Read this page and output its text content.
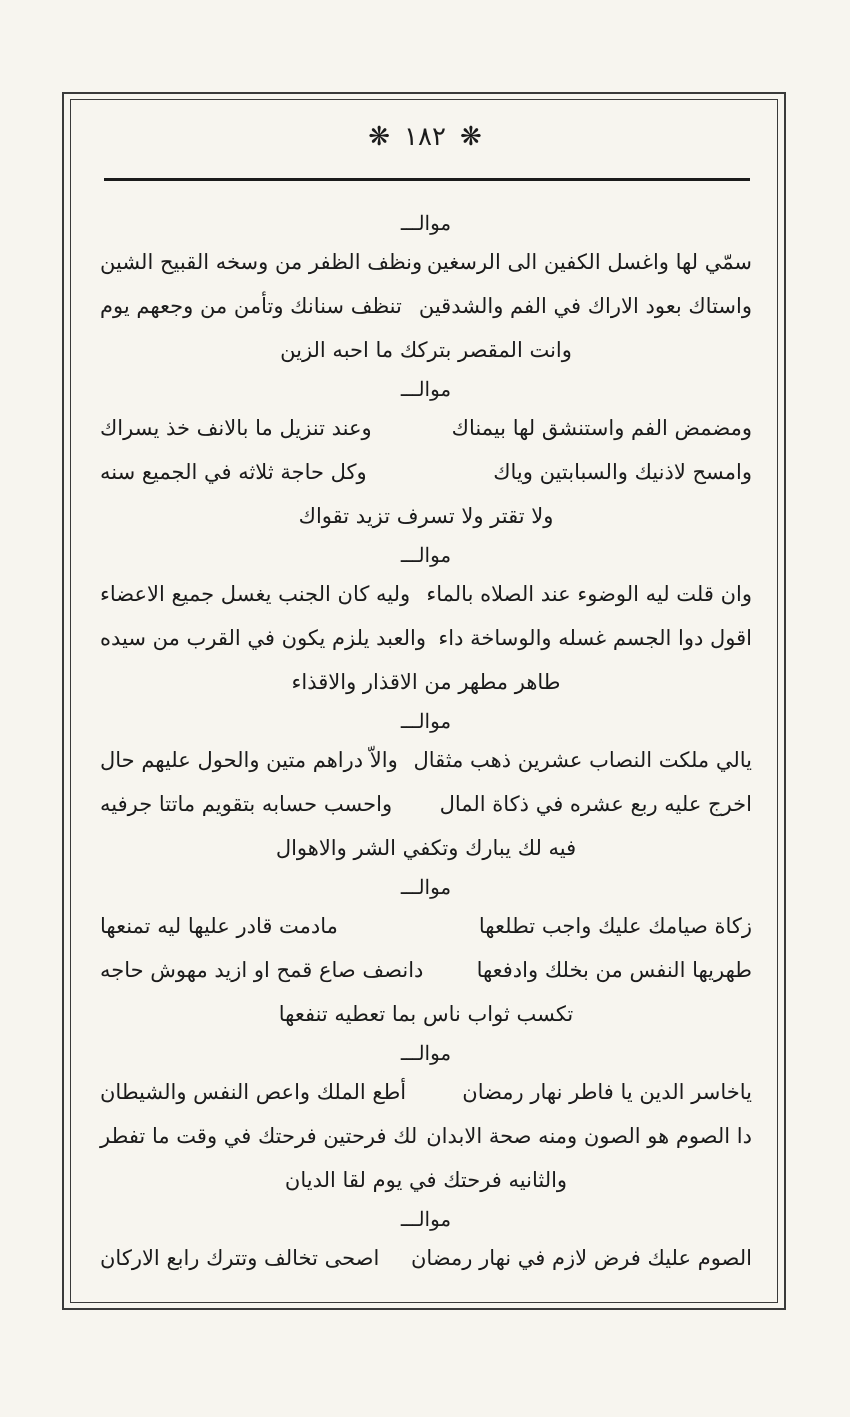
❋
١٨٢
❋
موالـــ
سمّي لها واغسل الكفين الى الرسغين
ونظف الظفر من وسخه القبيح الشين
واستاك بعود الاراك في الفم والشدقين
تنظف سنانك وتأمن من وجعهم يوم
وانت المقصر بتركك ما احبه الزين
موالـــ
ومضمض الفم واستنشق لها بيمناك
وعند تنزيل ما بالانف خذ يسراك
وامسح لاذنيك والسبابتين وياك
وكل حاجة ثلاثه في الجميع سنه
ولا تقتر ولا تسرف تزيد تقواك
موالـــ
وان قلت ليه الوضوء عند الصلاه بالماء
وليه كان الجنب يغسل جميع الاعضاء
اقول دوا الجسم غسله والوساخة داء
والعبد يلزم يكون في القرب من سيده
طاهر مطهر من الاقذار والاقذاء
موالـــ
يالي ملكت النصاب عشرين ذهب مثقال
والاّ دراهم متين والحول عليهم حال
اخرج عليه ربع عشره في ذكاة المال
واحسب حسابه بتقويم ماتتا جرفيه
فيه لك يبارك وتكفي الشر والاهوال
موالـــ
زكاة صيامك عليك واجب تطلعها
مادمت قادر عليها ليه تمنعها
طهريها النفس من بخلك وادفعها
دانصف صاع قمح او ازيد مهوش حاجه
تكسب ثواب ناس بما تعطيه تنفعها
موالـــ
ياخاسر الدين يا فاطر نهار رمضان
أطع الملك واعص النفس والشيطان
دا الصوم هو الصون ومنه صحة الابدان
لك فرحتين فرحتك في وقت ما تفطر
والثانيه فرحتك في يوم لقا الديان
موالـــ
الصوم عليك فرض لازم في نهار رمضان
اصحى تخالف وتترك رابع الاركان
